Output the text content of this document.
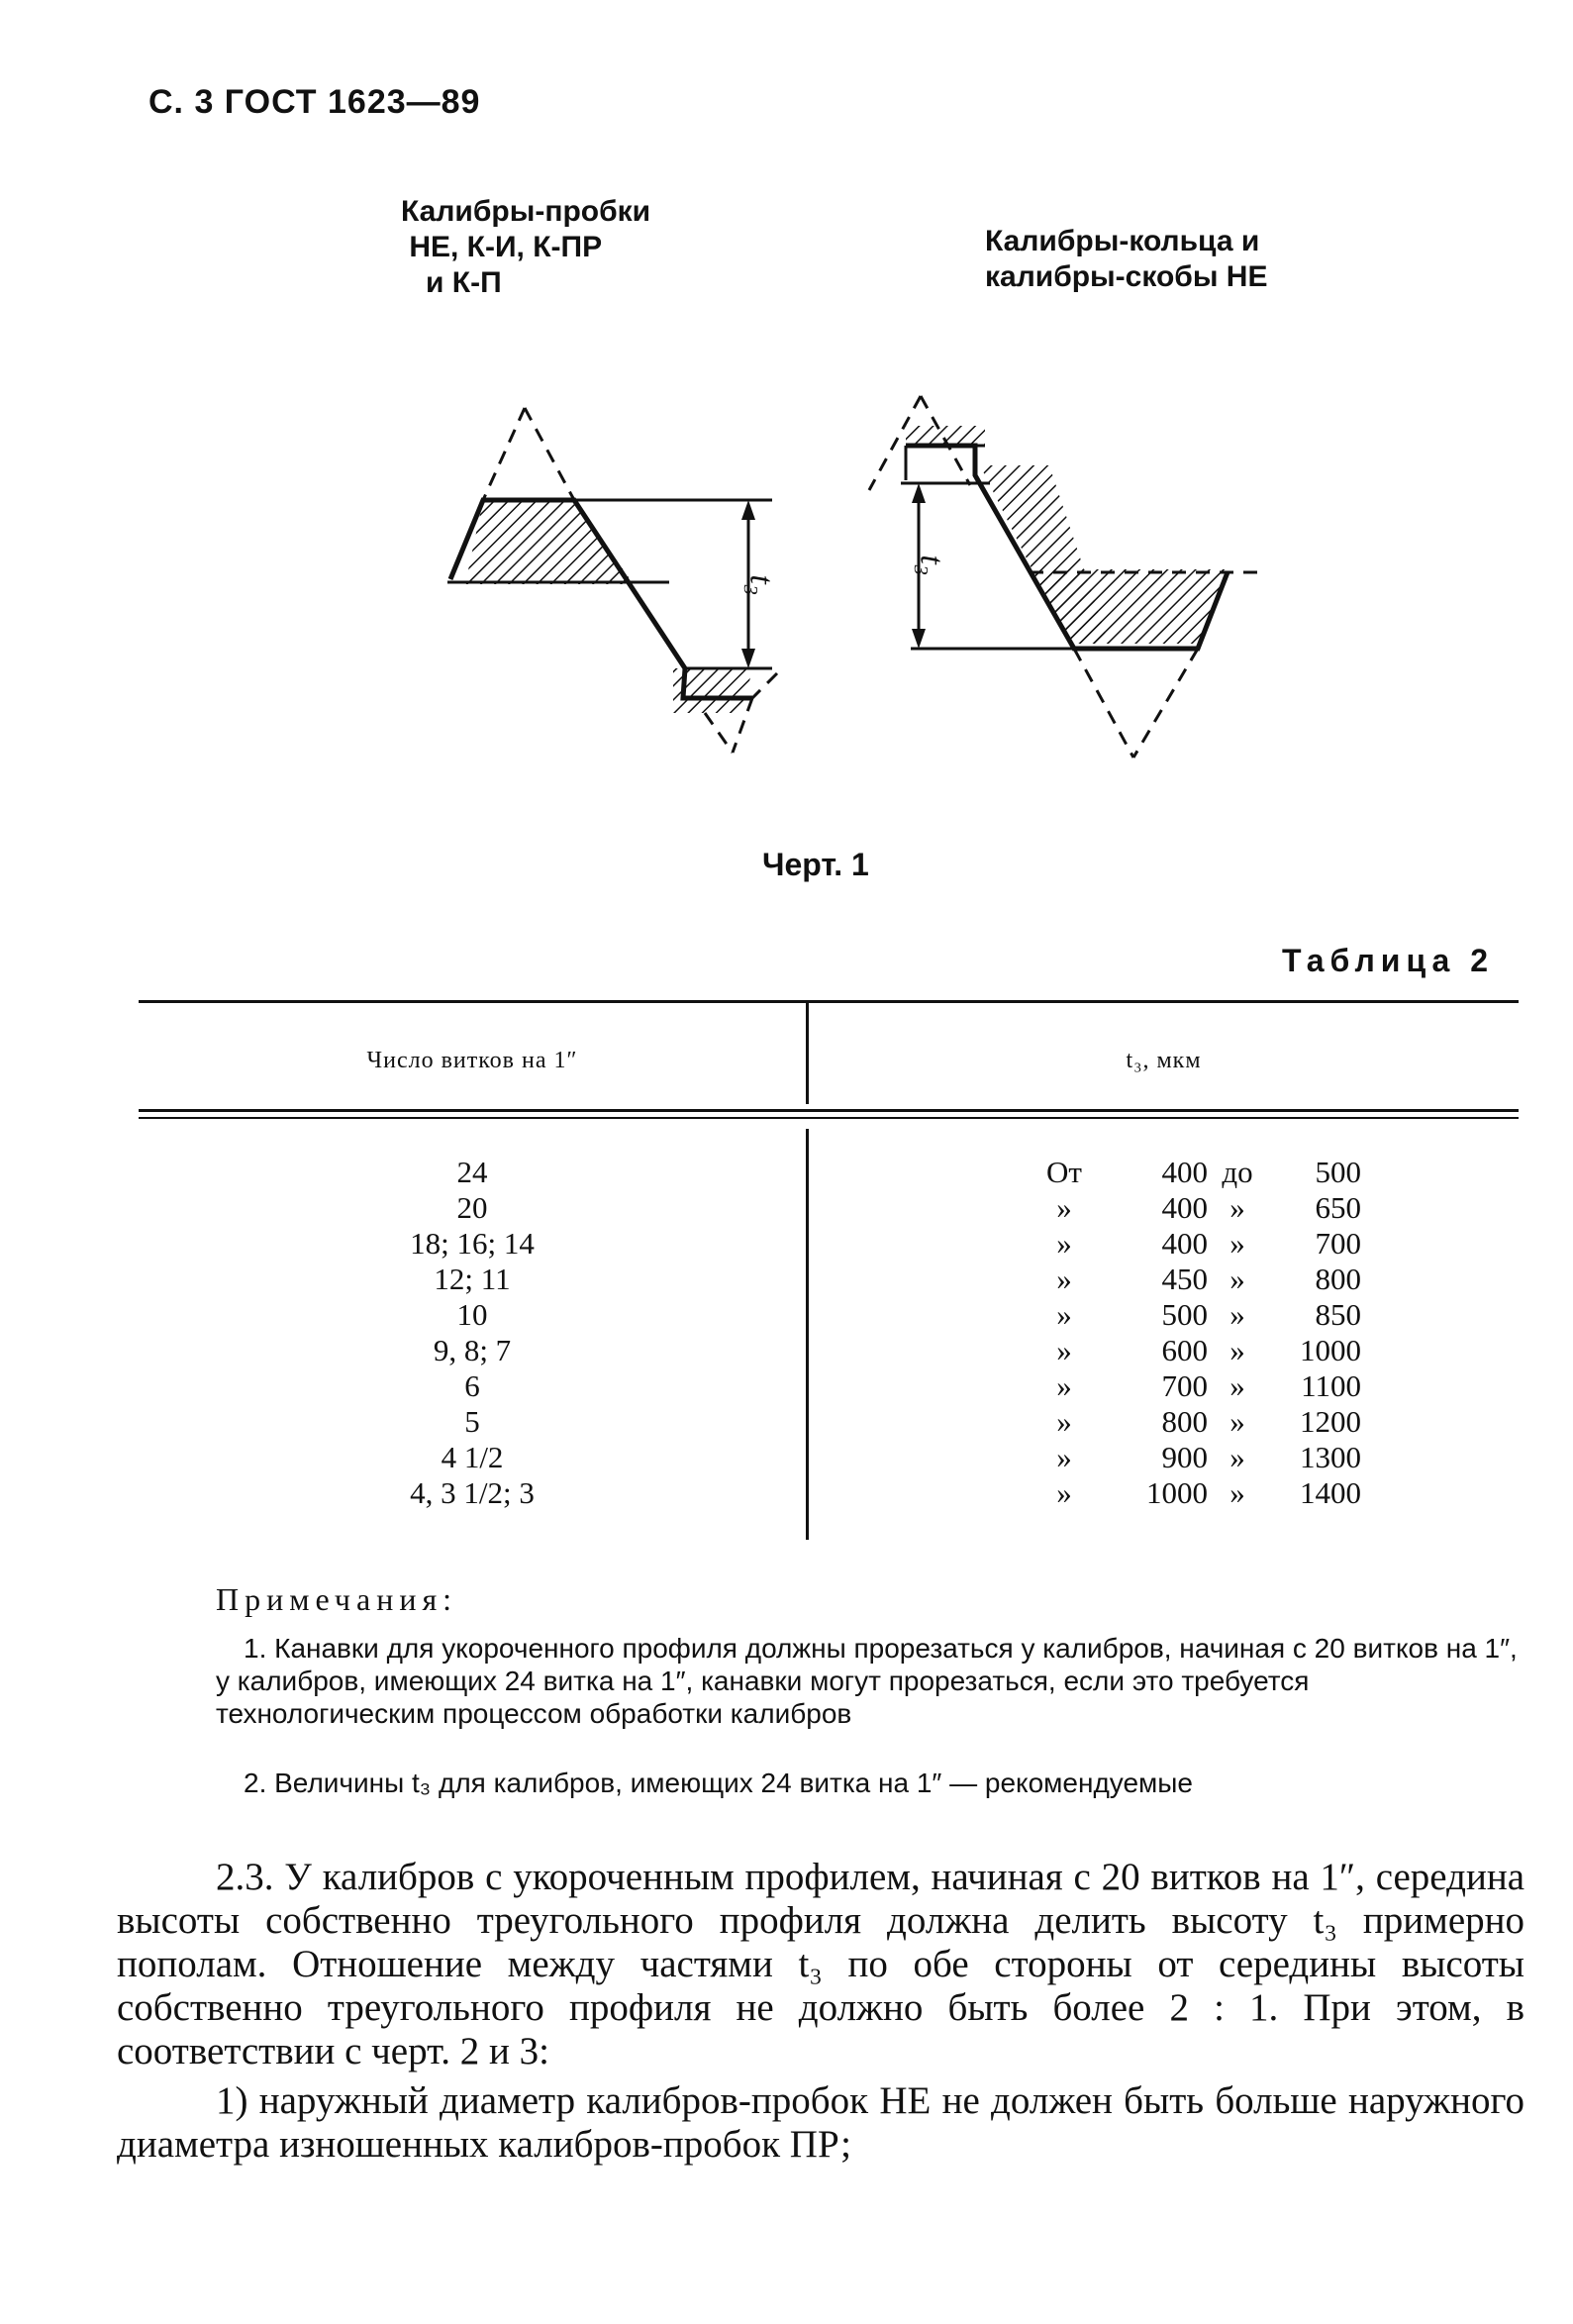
С. 3 ГОСТ 1623—89
Калибры-пробки
НЕ, К-И, К-ПР
и К-П
Калибры-кольца и
калибры-скобы НЕ
t₃
t₃
Черт. 1
Таблица 2
Число витков на 1″	t₃, мкм
24	От	400 до	500
20	»	400 »	650
18; 16; 14	»	400 »	700
12; 11	»	450 »	800
10	»	500 »	850
9, 8; 7	»	600 »	1000
6	»	700 »	1100
5	»	800 »	1200
4 1/2	»	900 »	1300
4, 3 1/2; 3	»	1000 »	1400
Примечания:
1. Канавки для укороченного профиля должны прорезаться у калибров, начиная с 20 витков на 1″, у калибров, имеющих 24 витка на 1″, канавки могут прорезаться, если это требуется технологическим процессом обработки калибров
2. Величины t₃ для калибров, имеющих 24 витка на 1″ — рекомендуемые

2.3. У калибров с укороченным профилем, начиная с 20 витков на 1″, середина высоты собственно треугольного профиля должна делить высоту t₃ примерно пополам. Отношение между частями t₃ по обе стороны от середины высоты собственно треугольного профиля не должно быть более 2 : 1. При этом, в соответствии с черт. 2 и 3:

1) наружный диаметр калибров-пробок НЕ не должен быть больше наружного диаметра изношенных калибров-пробок ПР;
